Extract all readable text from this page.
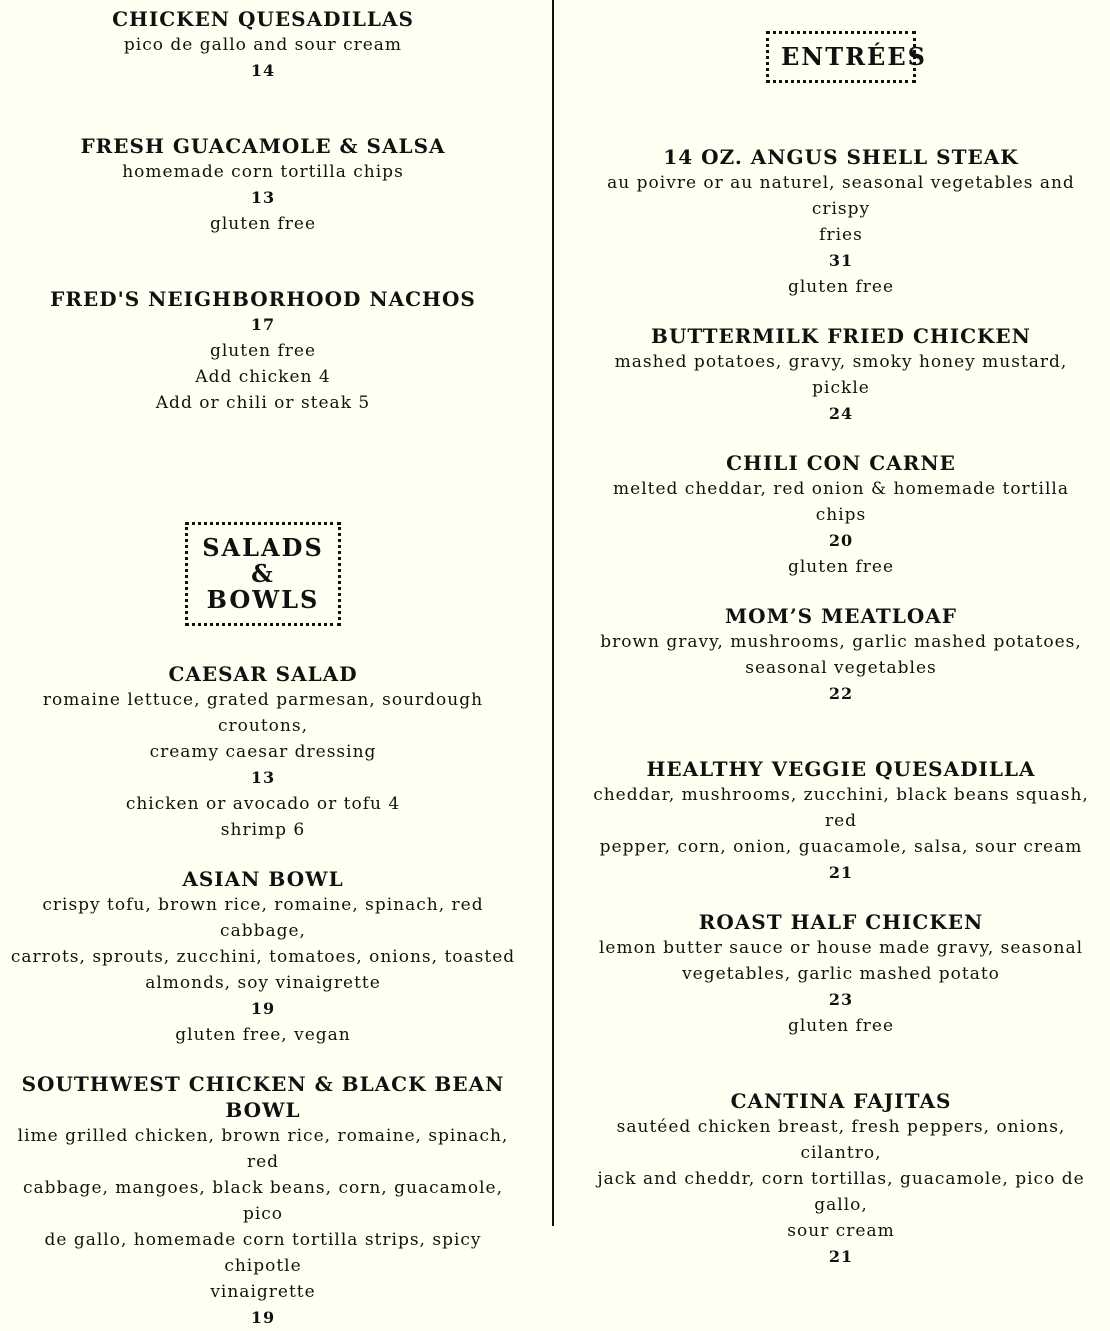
CHICKEN QUESADILLAS

pico de gallo and sour cream

14

FRESH GUACAMOLE & SALSA

homemade corn tortilla chips

13

gluten free

FRED'S NEIGHBORHOOD NACHOS

17

gluten free

Add chicken 4

Add or chili or steak 5

SALADS
& BOWLS

CAESAR SALAD

romaine lettuce, grated parmesan, sourdough croutons,

creamy caesar dressing

13

chicken or avocado or tofu 4

shrimp 6

ASIAN BOWL

crispy tofu, brown rice, romaine, spinach, red cabbage,

carrots, sprouts, zucchini, tomatoes, onions, toasted

almonds, soy vinaigrette

19

gluten free, vegan

SOUTHWEST CHICKEN & BLACK BEAN BOWL

lime grilled chicken, brown rice, romaine, spinach, red

cabbage, mangoes, black beans, corn, guacamole, pico

de gallo, homemade corn tortilla strips, spicy chipotle

vinaigrette

19

ENTRÉES

14 OZ. ANGUS SHELL STEAK

au poivre or au naturel, seasonal vegetables and crispy

fries

31

gluten free

BUTTERMILK FRIED CHICKEN

mashed potatoes, gravy, smoky honey mustard, pickle

24

CHILI CON CARNE

melted cheddar, red onion & homemade tortilla chips

20

gluten free

MOM’S MEATLOAF

brown gravy, mushrooms, garlic mashed potatoes,

seasonal vegetables

22

HEALTHY VEGGIE QUESADILLA

cheddar, mushrooms, zucchini, black beans squash, red

pepper, corn, onion, guacamole, salsa, sour cream

21

ROAST HALF CHICKEN

lemon butter sauce or house made gravy, seasonal

vegetables, garlic mashed potato

23

gluten free

CANTINA FAJITAS

sautéed chicken breast, fresh peppers, onions, cilantro,

jack and cheddr, corn tortillas, guacamole, pico de gallo,

sour cream

21
